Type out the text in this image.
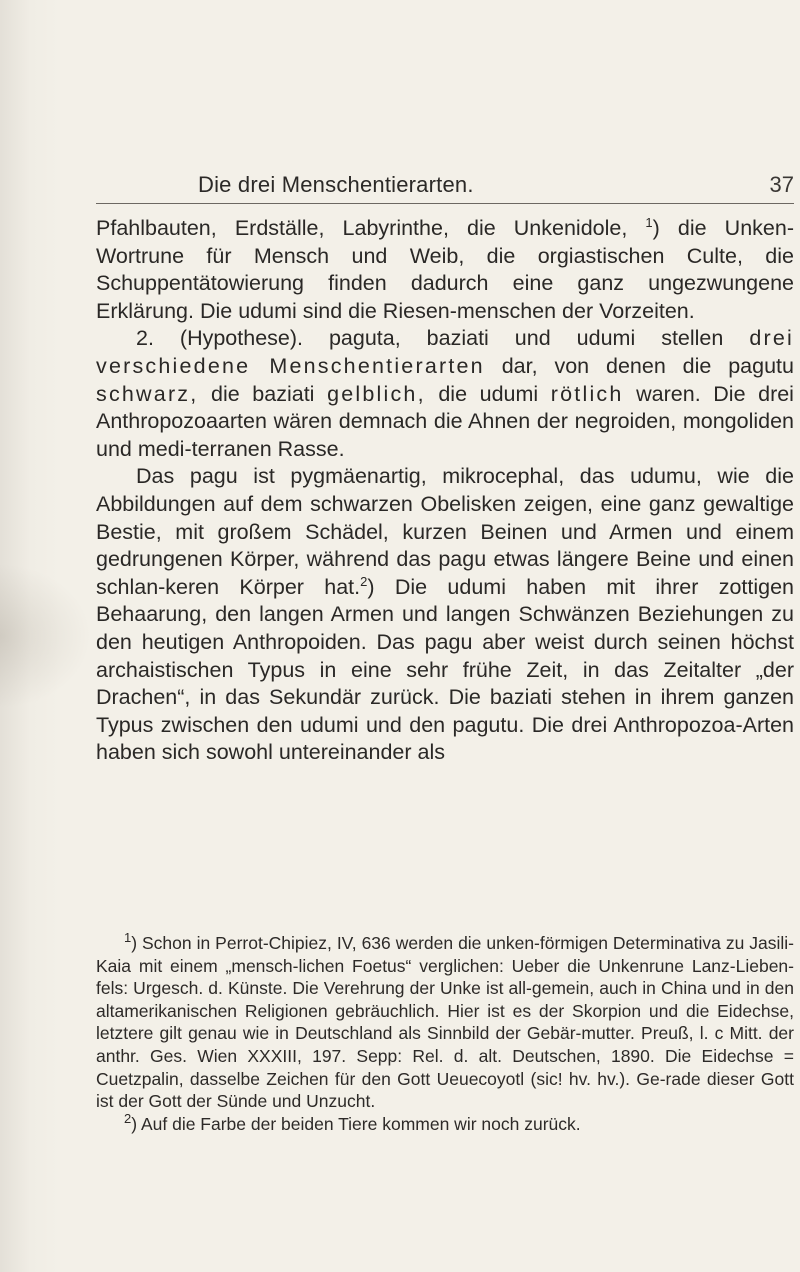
Die drei Menschentierarten.	37

Pfahlbauten, Erdställe, Labyrinthe, die Unkenidole, $^1$) die Unken-Wortrune für Mensch und Weib, die orgiastischen Culte, die Schuppentätowierung finden dadurch eine ganz ungezwungene Erklärung. Die udumi sind die Riesen-menschen der Vorzeiten.

2. (Hypothese). paguta, baziati und udumi stellen drei verschiedene Menschentierarten dar, von denen die pagutu schwarz, die baziati gelblich, die udumi rötlich waren. Die drei Anthropozoaarten wären demnach die Ahnen der negroiden, mongoliden und medi-terranen Rasse.

Das pagu ist pygmäenartig, mikrocephal, das udumu, wie die Abbildungen auf dem schwarzen Obelisken zeigen, eine ganz gewaltige Bestie, mit großem Schädel, kurzen Beinen und Armen und einem gedrungenen Körper, während das pagu etwas längere Beine und einen schlan-keren Körper hat.$^2$) Die udumi haben mit ihrer zottigen Behaarung, den langen Armen und langen Schwänzen Beziehungen zu den heutigen Anthropoiden. Das pagu aber weist durch seinen höchst archaistischen Typus in eine sehr frühe Zeit, in das Zeitalter „der Drachen“, in das Sekundär zurück. Die baziati stehen in ihrem ganzen Typus zwischen den udumi und den pagutu. Die drei Anthropozoa-Arten haben sich sowohl untereinander als

$^1$) Schon in Perrot-Chipiez, IV, 636 werden die unken-förmigen Determinativa zu Jasili-Kaia mit einem „mensch-lichen Foetus“ verglichen: Ueber die Unkenrune Lanz-Lieben-fels: Urgesch. d. Künste. Die Verehrung der Unke ist all-gemein, auch in China und in den altamerikanischen Religionen gebräuchlich. Hier ist es der Skorpion und die Eidechse, letztere gilt genau wie in Deutschland als Sinnbild der Gebär-mutter. Preuß, l. c Mitt. der anthr. Ges. Wien XXXIII, 197. Sepp: Rel. d. alt. Deutschen, 1890. Die Eidechse = Cuetzpalin, dasselbe Zeichen für den Gott Ueuecoyotl (sic! hv. hv.). Ge-rade dieser Gott ist der Gott der Sünde und Unzucht.

$^2$) Auf die Farbe der beiden Tiere kommen wir noch zurück.
